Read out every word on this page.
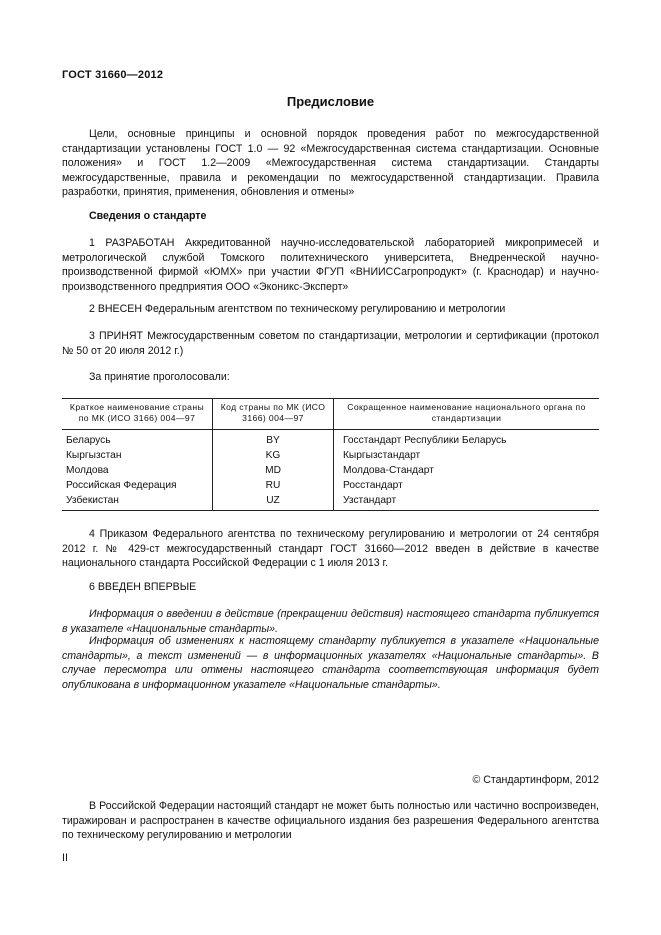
ГОСТ 31660—2012
Предисловие
Цели, основные принципы и основной порядок проведения работ по межгосударственной стандартизации установлены ГОСТ 1.0 — 92 «Межгосударственная система стандартизации. Основные положения» и ГОСТ 1.2—2009 «Межгосударственная система стандартизации. Стандарты межгосударственные, правила и рекомендации по межгосударственной стандартизации. Правила разработки, принятия, применения, обновления и отмены»
Сведения о стандарте
1 РАЗРАБОТАН Аккредитованной научно-исследовательской лабораторией микропримесей и метрологической службой Томского политехнического университета, Внедренческой научно-производственной фирмой «ЮМХ» при участии ФГУП «ВНИИССагропродукт» (г. Краснодар) и научно-производственного предприятия ООО «Эконикс-Эксперт»
2 ВНЕСЕН Федеральным агентством по техническому регулированию и метрологии
3 ПРИНЯТ Межгосударственным советом по стандартизации, метрологии и сертификации (протокол № 50 от 20 июля 2012 г.)
За принятие проголосовали:
Краткое наименование страны по МК (ИСО 3166) 004—97	Код страны по МК (ИСО 3166) 004—97	Сокращенное наименование национального органа по стандартизации
Беларусь	BY	Госстандарт Республики Беларусь
Кыргызстан	KG	Кыргызстандарт
Молдова	MD	Молдова-Стандарт
Российская Федерация	RU	Росстандарт
Узбекистан	UZ	Узстандарт
4 Приказом Федерального агентства по техническому регулированию и метрологии от 24 сентября 2012 г. № 429-ст межгосударственный стандарт ГОСТ 31660—2012 введен в действие в качестве национального стандарта Российской Федерации с 1 июля 2013 г.
6 ВВЕДЕН ВПЕРВЫЕ
Информация о введении в действие (прекращении действия) настоящего стандарта публикуется в указателе «Национальные стандарты».
Информация об изменениях к настоящему стандарту публикуется в указателе «Национальные стандарты», а текст изменений — в информационных указателях «Национальные стандарты». В случае пересмотра или отмены настоящего стандарта соответствующая информация будет опубликована в информационном указателе «Национальные стандарты».
© Стандартинформ, 2012
В Российской Федерации настоящий стандарт не может быть полностью или частично воспроизведен, тиражирован и распространен в качестве официального издания без разрешения Федерального агентства по техническому регулированию и метрологии
II
